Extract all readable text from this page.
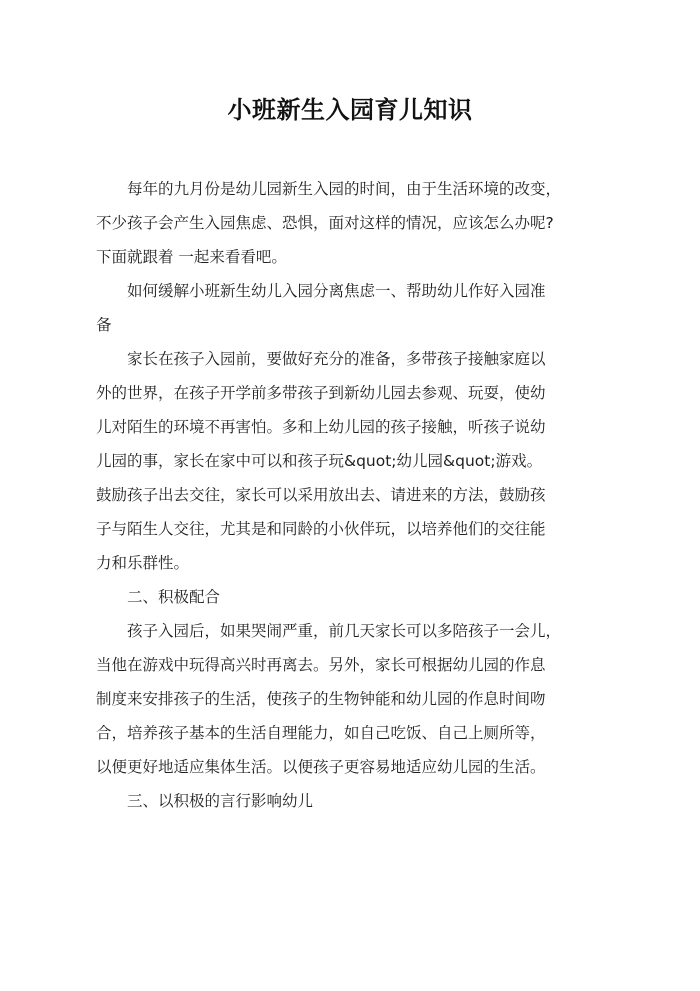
小班新生入园育儿知识
每年的九月份是幼儿园新生入园的时间，由于生活环境的改变，
不少孩子会产生入园焦虑、恐惧，面对这样的情况，应该怎么办呢?
下面就跟着 一起来看看吧。
如何缓解小班新生幼儿入园分离焦虑一、帮助幼儿作好入园准
备
家长在孩子入园前，要做好充分的准备，多带孩子接触家庭以
外的世界，在孩子开学前多带孩子到新幼儿园去参观、玩耍，使幼
儿对陌生的环境不再害怕。多和上幼儿园的孩子接触，听孩子说幼
儿园的事，家长在家中可以和孩子玩&quot;幼儿园&quot;游戏。
鼓励孩子出去交往，家长可以采用放出去、请进来的方法，鼓励孩
子与陌生人交往，尤其是和同龄的小伙伴玩，以培养他们的交往能
力和乐群性。
二、积极配合
孩子入园后，如果哭闹严重，前几天家长可以多陪孩子一会儿，
当他在游戏中玩得高兴时再离去。另外，家长可根据幼儿园的作息
制度来安排孩子的生活，使孩子的生物钟能和幼儿园的作息时间吻
合，培养孩子基本的生活自理能力，如自己吃饭、自己上厕所等，
以便更好地适应集体生活。以便孩子更容易地适应幼儿园的生活。
三、以积极的言行影响幼儿
